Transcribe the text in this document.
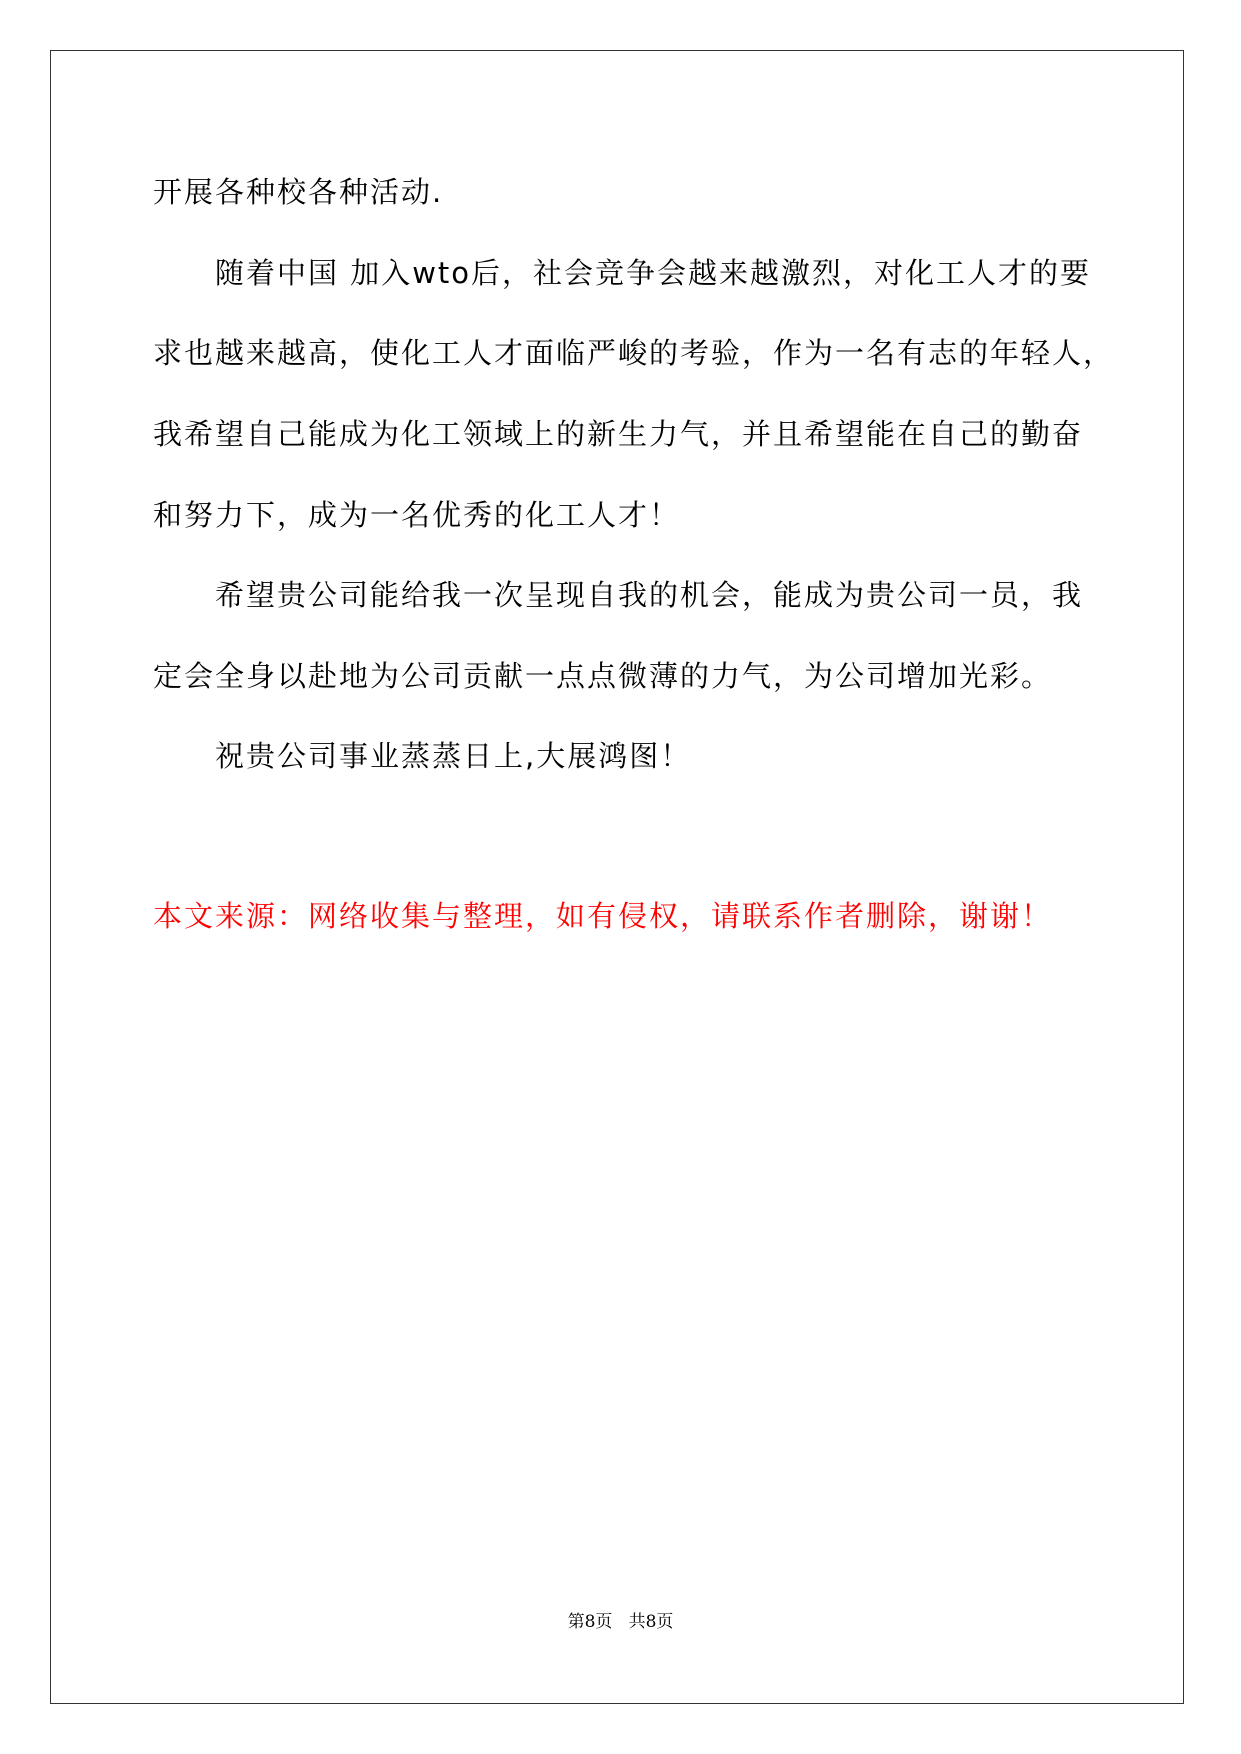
开展各种校各种活动.
随着中国 加入wto后，社会竞争会越来越激烈，对化工人才的要
求也越来越高，使化工人才面临严峻的考验，作为一名有志的年轻人，
我希望自己能成为化工领域上的新生力气，并且希望能在自己的勤奋
和努力下，成为一名优秀的化工人才！
希望贵公司能给我一次呈现自我的机会，能成为贵公司一员，我
定会全身以赴地为公司贡献一点点微薄的力气，为公司增加光彩。
祝贵公司事业蒸蒸日上,大展鸿图！
本文来源：网络收集与整理，如有侵权，请联系作者删除，谢谢！
第8页   共8页
